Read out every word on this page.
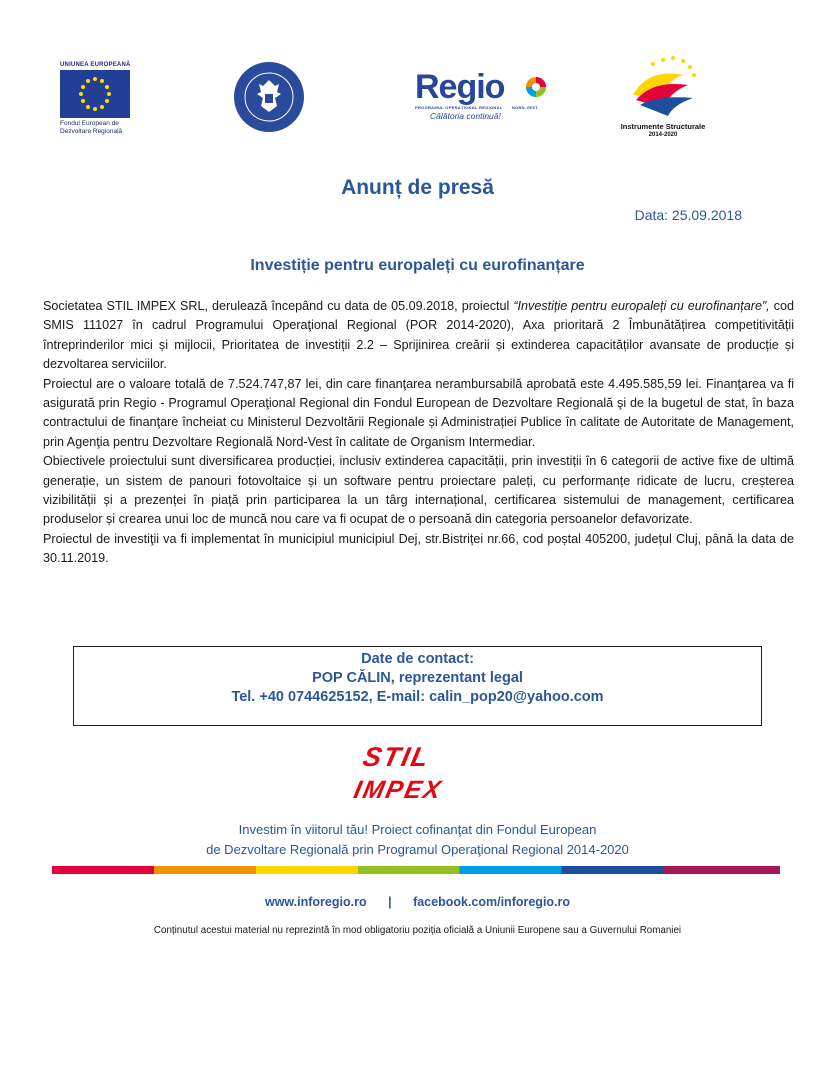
UNIUNEA EUROPEANĂ
Fondul European de
Dezvoltare Regională
Regio
PROGRAMUL OPERAŢIONAL REGIONAL NORD-VEST
Călătoria continuă!
Instrumente Structurale
2014-2020
Anunț de presă
Data: 25.09.2018
Investiție pentru europaleți cu eurofinanțare

Societatea STIL IMPEX SRL, derulează începând cu data de 05.09.2018, proiectul “Investiție pentru europaleți cu eurofinanțare”, cod SMIS 111027 în cadrul Programului Operaţional Regional (POR 2014-2020), Axa prioritară 2 Îmbunătățirea competitivității întreprinderilor mici și mijlocii, Prioritatea de investiții 2.2 – Sprijinirea creării și extinderea capacităților avansate de producție și dezvoltarea serviciilor.

Proiectul are o valoare totală de 7.524.747,87 lei, din care finanţarea nerambursabilă aprobată este 4.495.585,59 lei. Finanţarea va fi asigurată prin Regio - Programul Operaţional Regional din Fondul European de Dezvoltare Regională şi de la bugetul de stat, în baza contractului de finanţare încheiat cu Ministerul Dezvoltării Regionale și Administrației Publice în calitate de Autoritate de Management, prin Agenţia pentru Dezvoltare Regională Nord-Vest în calitate de Organism Intermediar.

Obiectivele proiectului sunt diversificarea producției, inclusiv extinderea capacității, prin investiții în 6 categorii de active fixe de ultimă generație, un sistem de panouri fotovoltaice și un software pentru proiectare paleți, cu performanțe ridicate de lucru, creșterea vizibilității și a prezenței în piață prin participarea la un târg internațional, certificarea sistemului de management, certificarea produselor și crearea unui loc de muncă nou care va fi ocupat de o persoană din categoria persoanelor defavorizate.

Proiectul de investiţii va fi implementat în municipiul municipiul Dej, str.Bistriței nr.66, cod poștal 405200, județul Cluj, până la data de 30.11.2019.

Date de contact:
POP CĂLIN, reprezentant legal
Tel. +40 0744625152, E-mail: calin_pop20@yahoo.com
STIL
IMPEX
Investim în viitorul tău! Proiect cofinanţat din Fondul European
de Dezvoltare Regională prin Programul Operaţional Regional 2014-2020
www.inforegio.ro | facebook.com/inforegio.ro
Conținutul acestui material nu reprezintă în mod obligatoriu poziția oficială a Uniunii Europene sau a Guvernului Romaniei
